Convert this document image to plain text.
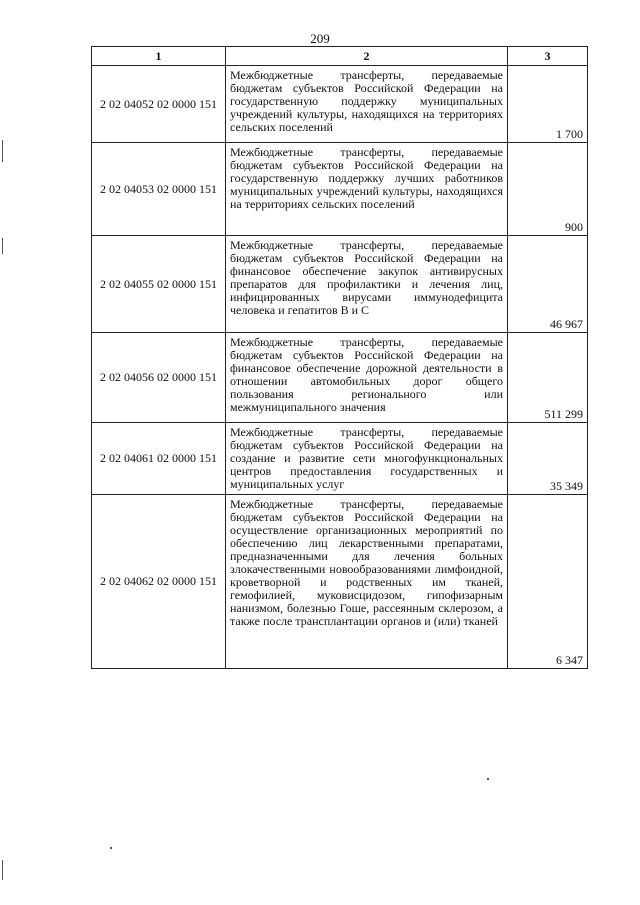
209
1	2	3
2 02 04052 02 0000 151	Межбюджетные трансферты, передаваемые бюджетам субъектов Российской Федерации на государственную поддержку муниципальных учреждений культуры, находящихся на территориях сельских поселений	1 700
2 02 04053 02 0000 151	Межбюджетные трансферты, передаваемые бюджетам субъектов Российской Федерации на государственную поддержку лучших работников муниципальных учреждений культуры, находящихся на территориях сельских поселений	900
2 02 04055 02 0000 151	Межбюджетные трансферты, передаваемые бюджетам субъектов Российской Федерации на финансовое обеспечение закупок антивирусных препаратов для профилактики и лечения лиц, инфицированных вирусами иммунодефицита человека и гепатитов B и C	46 967
2 02 04056 02 0000 151	Межбюджетные трансферты, передаваемые бюджетам субъектов Российской Федерации на финансовое обеспечение дорожной деятельности в отношении автомобильных дорог общего пользования регионального или межмуниципального значения	511 299
2 02 04061 02 0000 151	Межбюджетные трансферты, передаваемые бюджетам субъектов Российской Федерации на создание и развитие сети многофункциональных центров предоставления государственных и муниципальных услуг	35 349
2 02 04062 02 0000 151	Межбюджетные трансферты, передаваемые бюджетам субъектов Российской Федерации на осуществление организационных мероприятий по обеспечению лиц лекарственными препаратами, предназначенными для лечения больных злокачественными новообразованиями лимфоидной, кроветворной и родственных им тканей, гемофилией, муковисцидозом, гипофизарным нанизмом, болезнью Гоше, рассеянным склерозом, а также после трансплантации органов и (или) тканей	6 347
